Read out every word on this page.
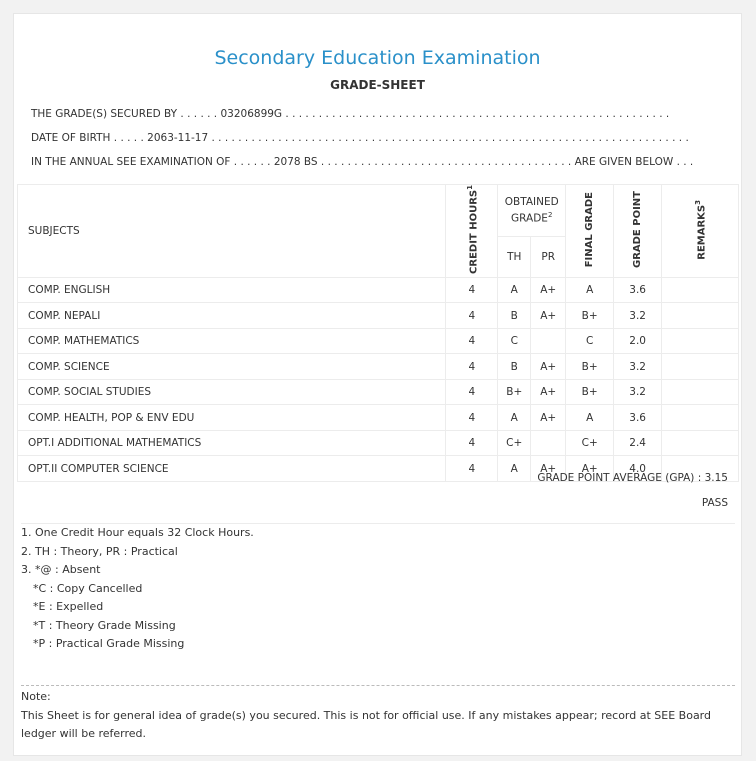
Secondary Education Examination
GRADE-SHEET
THE GRADE(S) SECURED BY . . . . . . 03206899G . . . . . . . . . . . . . . . . . . . . . . . . . . . . . . . . . . . . . . . . . . . . . . . . . . . . . . . . . .
DATE OF BIRTH . . . . . 2063-11-17 . . . . . . . . . . . . . . . . . . . . . . . . . . . . . . . . . . . . . . . . . . . . . . . . . . . . . . . . . . . . . . . . . . . . . . . .
IN THE ANNUAL SEE EXAMINATION OF . . . . . . 2078 BS . . . . . . . . . . . . . . . . . . . . . . . . . . . . . . . . . . . . . . ARE GIVEN BELOW . . .
SUBJECTS	CREDIT HOURS$^1$	OBTAINED GRADE$^2$		FINAL GRADE	GRADE POINT	REMARKS$^3$
		TH	PR			
COMP. ENGLISH	4	A	A+	A	3.6	
COMP. NEPALI	4	B	A+	B+	3.2	
COMP. MATHEMATICS	4	C		C	2.0	
COMP. SCIENCE	4	B	A+	B+	3.2	
COMP. SOCIAL STUDIES	4	B+	A+	B+	3.2	
COMP. HEALTH, POP & ENV EDU	4	A	A+	A	3.6	
OPT.I ADDITIONAL MATHEMATICS	4	C+		C+	2.4	
OPT.II COMPUTER SCIENCE	4	A	A+	A+	4.0	
GRADE POINT AVERAGE (GPA) : 3.15
PASS
1. One Credit Hour equals 32 Clock Hours.
2. TH : Theory, PR : Practical
3. *@ : Absent
*C : Copy Cancelled
*E : Expelled
*T : Theory Grade Missing
*P : Practical Grade Missing
Note:
This Sheet is for general idea of grade(s) you secured. This is not for official use. If any mistakes appear; record at SEE Board ledger will be referred.
